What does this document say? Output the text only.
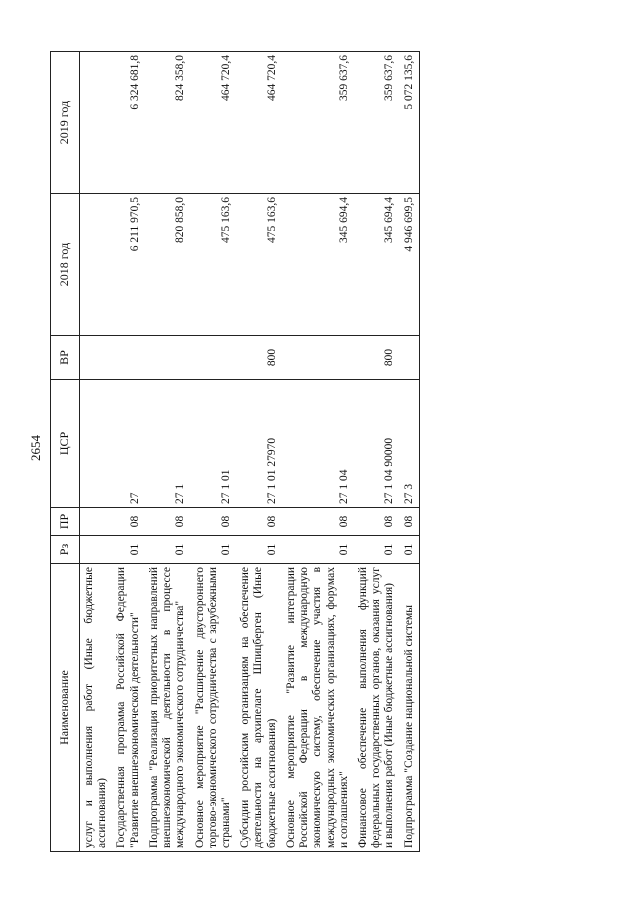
2654
Наименование	Рз	ПР	ЦСР	ВР	2018 год	2019 год
услуг и выполнения работ (Иные бюджетные ассигнования)						
Государственная программа Российской Федерации "Развитие внешнеэкономической деятельности"	01	08	27		6 211 970,5	6 324 681,8
Подпрограмма "Реализация приоритетных направлений внешнеэкономической деятельности в процессе международного экономического сотрудничества"	01	08	27 1		820 858,0	824 358,0
Основное мероприятие "Расширение двустороннего торгово-экономического сотрудничества с зарубежными странами"	01	08	27 1 01		475 163,6	464 720,4
Субсидии российским организациям на обеспечение деятельности на архипелаге Шпицберген (Иные бюджетные ассигнования)	01	08	27 1 01 27970	800	475 163,6	464 720,4
Основное мероприятие "Развитие интеграции Российской Федерации в международную экономическую систему, обеспечение участия в международных экономических организациях, форумах и соглашениях"	01	08	27 1 04		345 694,4	359 637,6
Финансовое обеспечение выполнения функций федеральных государственных органов, оказания услуг и выполнения работ (Иные бюджетные ассигнования)	01	08	27 1 04 90000	800	345 694,4	359 637,6
Подпрограмма "Создание национальной системы	01	08	27 3		4 946 699,5	5 072 135,6
